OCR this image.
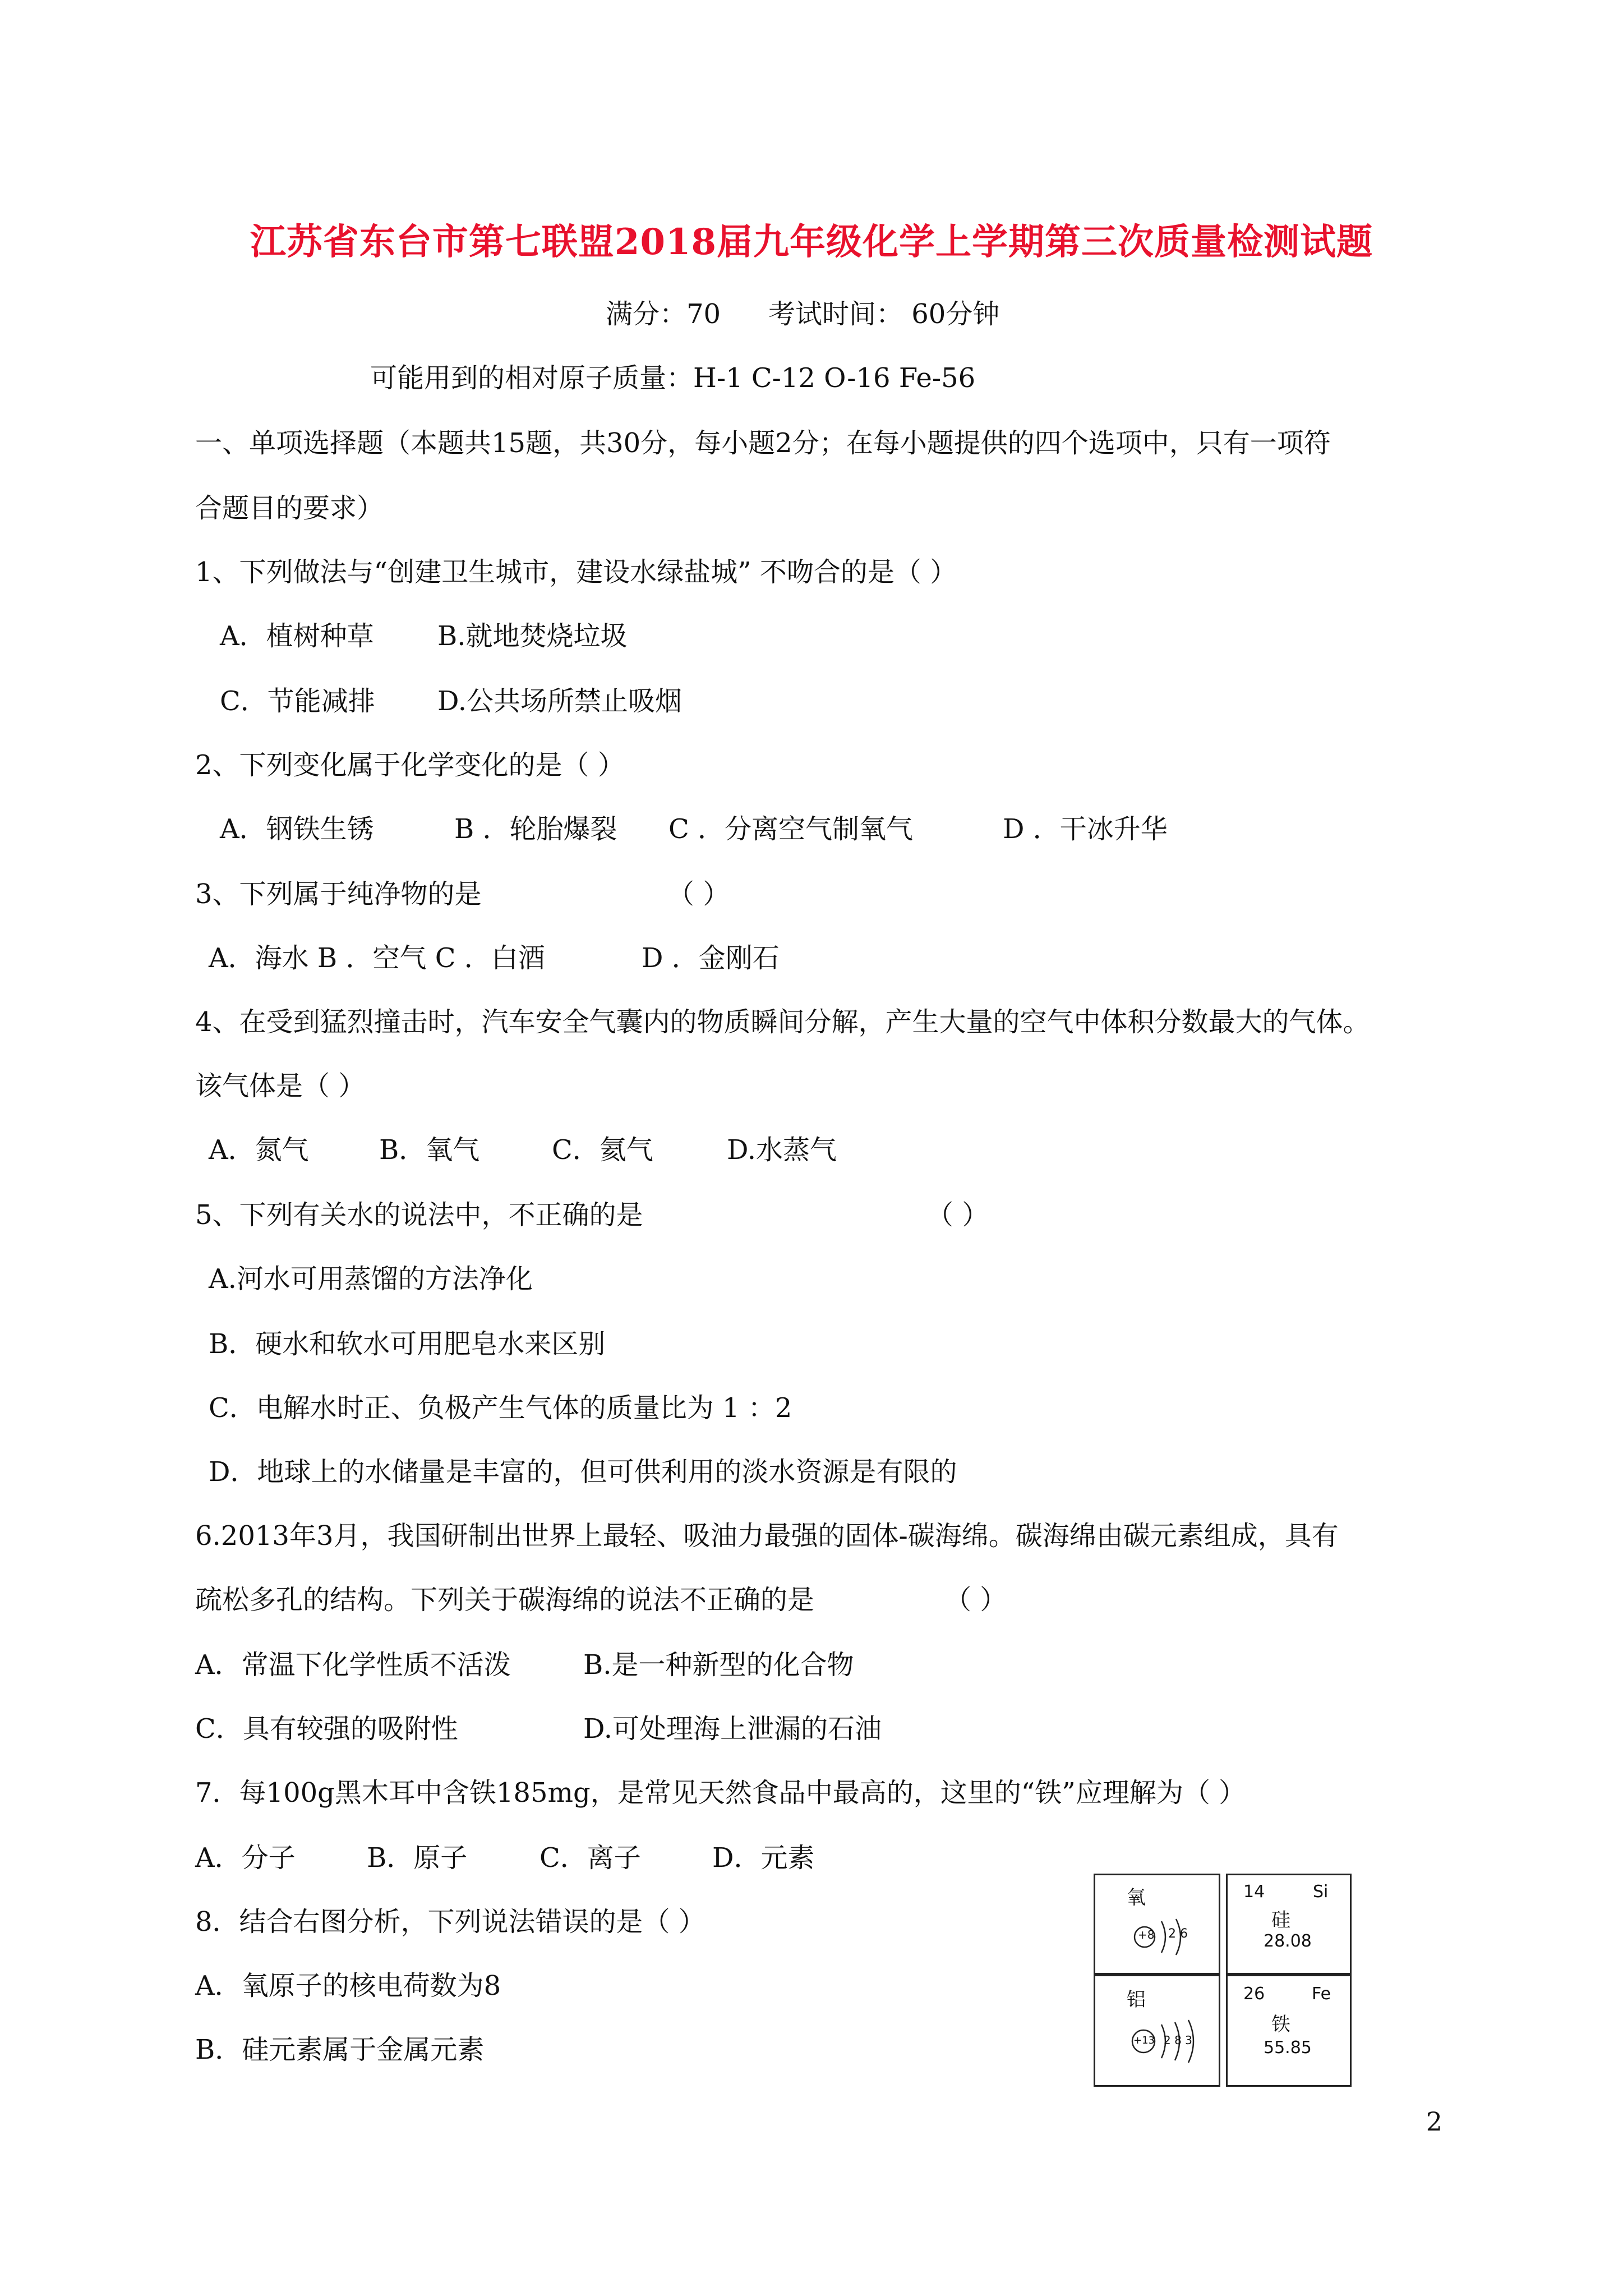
江苏省东台市第七联盟2018届九年级化学上学期第三次质量检测试题
满分：70 考试时间： 60分钟
可能用到的相对原子质量：H-1 C-12 O-16 Fe-56
一、单项选择题（本题共15题，共30分，每小题2分；在每小题提供的四个选项中，只有一项符
合题目的要求）
1、下列做法与“创建卫生城市，建设水绿盐城” 不吻合的是（ ）
A．植树种草 B.就地焚烧垃圾
C．节能减排 D.公共场所禁止吸烟
2、下列变化属于化学变化的是（ ）
A．钢铁生锈	B ．轮胎爆裂 C ．分离空气制氧气	D ．干冰升华
3、下列属于纯净物的是	（ ）
A．海水 B ．空气 C ．白酒	D ．金刚石
4、在受到猛烈撞击时，汽车安全气囊内的物质瞬间分解，产生大量的空气中体积分数最大的气体。
该气体是（ ）
A．氮气	B．氧气	C．氦气	D.水蒸气
5、下列有关水的说法中，不正确的是	（ ）
A.河水可用蒸馏的方法净化
B．硬水和软水可用肥皂水来区别
C．电解水时正、负极产生气体的质量比为 1 ：2
D．地球上的水储量是丰富的，但可供利用的淡水资源是有限的
6.2013年3月，我国研制出世界上最轻、吸油力最强的固体-碳海绵。碳海绵由碳元素组成，具有
疏松多孔的结构。下列关于碳海绵的说法不正确的是	（ ）
A．常温下化学性质不活泼	B.是一种新型的化合物
C．具有较强的吸附性	D.可处理海上泄漏的石油
7．每100g黑木耳中含铁185mg，是常见天然食品中最高的，这里的“铁”应理解为（ ）
A．分子	B．原子	C．离子	D．元素
8．结合右图分析，下列说法错误的是（ ）
A．氧原子的核电荷数为8
B．硅元素属于金属元素
氧
+8 2 6
14	Si
硅
28.08
铝
+13 2 8 3
26	Fe
铁
55.85
2
